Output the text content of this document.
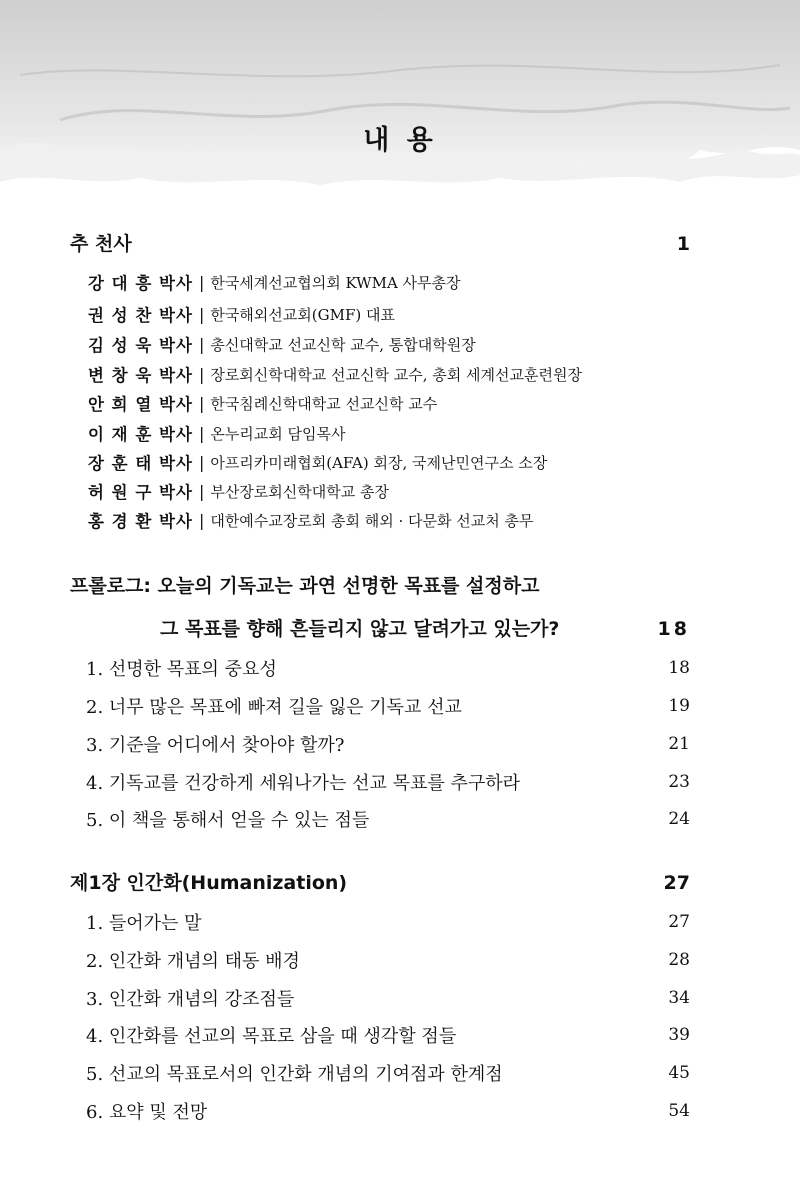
내 용
추 천사	1
강 대 흥 박사 | 한국세계선교협의회 KWMA 사무총장
권 성 찬 박사 | 한국해외선교회(GMF) 대표
김 성 욱 박사 | 총신대학교 선교신학 교수, 통합대학원장
변 창 욱 박사 | 장로회신학대학교 선교신학 교수, 총회 세계선교훈련원장
안 희 열 박사 | 한국침례신학대학교 선교신학 교수
이 재 훈 박사 | 온누리교회 담임목사
장 훈 태 박사 | 아프리카미래협회(AFA) 회장, 국제난민연구소 소장
허 원 구 박사 | 부산장로회신학대학교 총장
홍 경 환 박사 | 대한예수교장로회 총회 해외 · 다문화 선교처 총무
프롤로그: 오늘의 기독교는 과연 선명한 목표를 설정하고
그 목표를 향해 흔들리지 않고 달려가고 있는가?	18
1. 선명한 목표의 중요성	18
2. 너무 많은 목표에 빠져 길을 잃은 기독교 선교	19
3. 기준을 어디에서 찾아야 할까?	21
4. 기독교를 건강하게 세워나가는 선교 목표를 추구하라	23
5. 이 책을 통해서 얻을 수 있는 점들	24
제1장 인간화(Humanization)	27
1. 들어가는 말	27
2. 인간화 개념의 태동 배경	28
3. 인간화 개념의 강조점들	34
4. 인간화를 선교의 목표로 삼을 때 생각할 점들	39
5. 선교의 목표로서의 인간화 개념의 기여점과 한계점	45
6. 요약 및 전망	54
